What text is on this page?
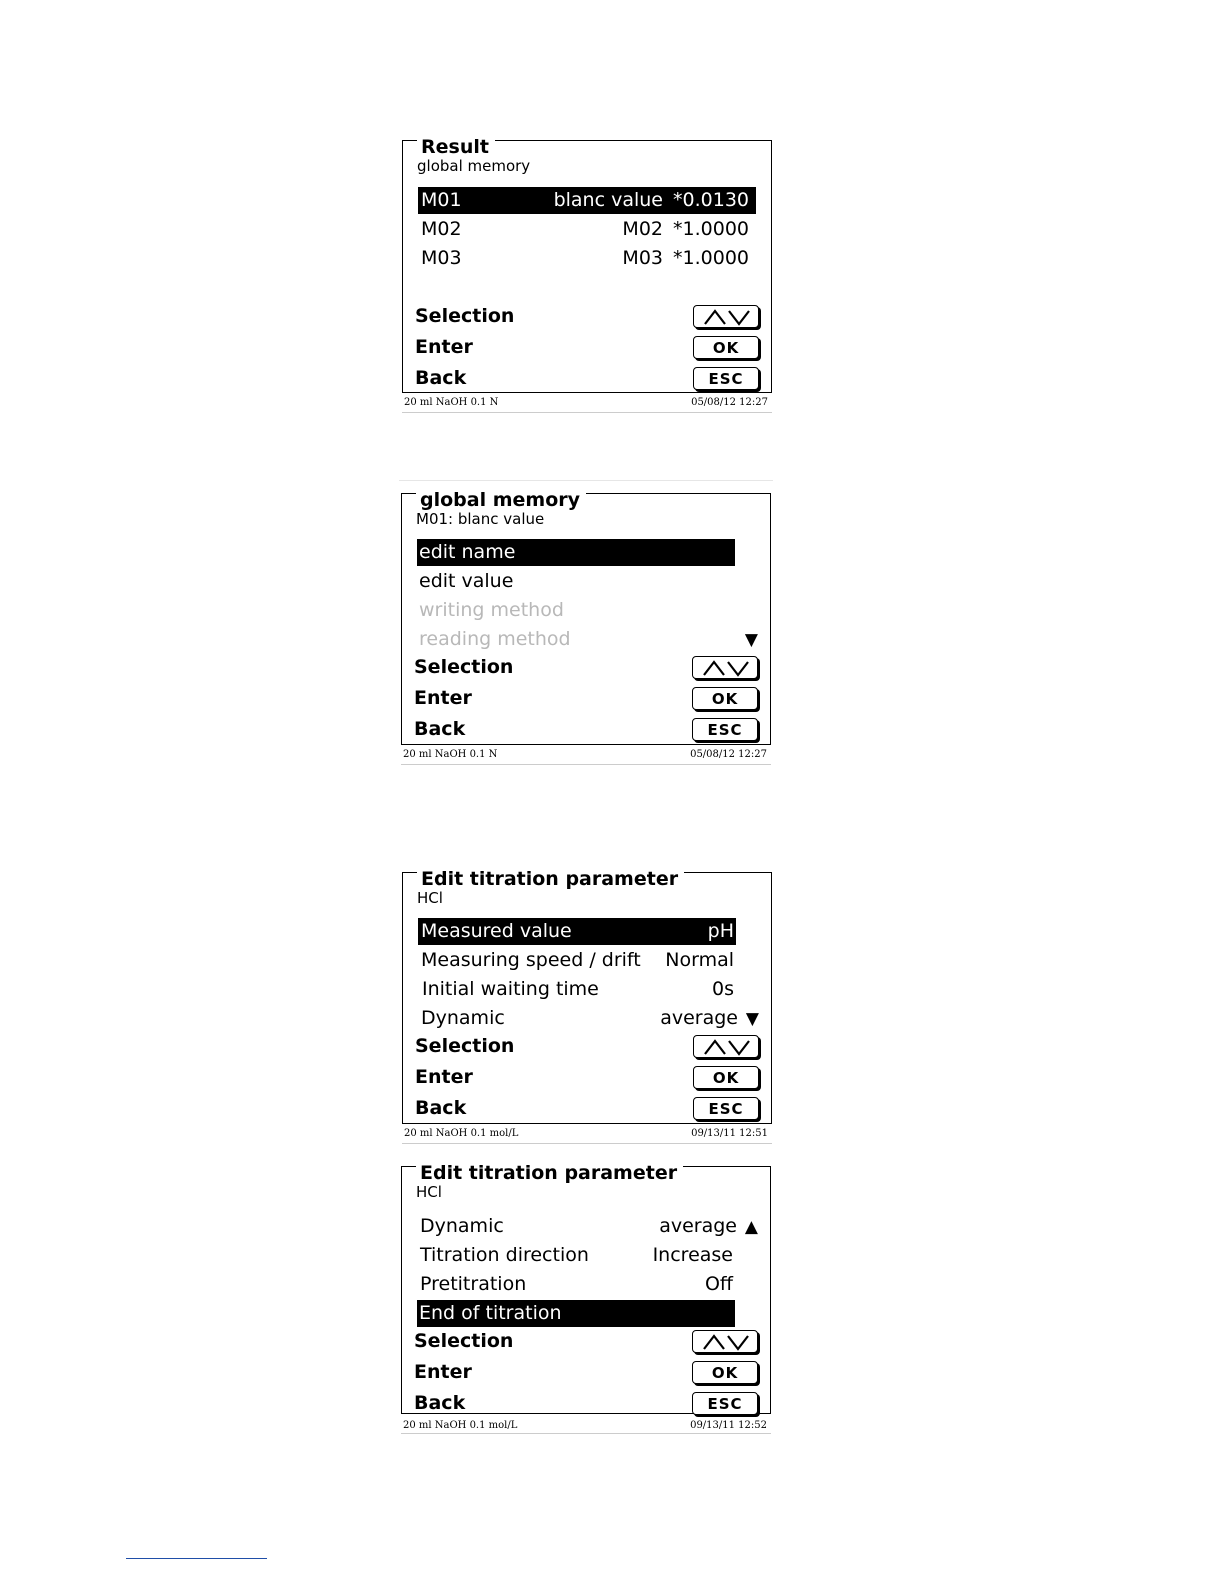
Result
global memory
M01	blanc value *0.0130
M02	M02 *1.0000
M03	M03 *1.0000
Selection
Enter	OK
Back	ESC
20 ml NaOH 0.1 N	05/08/12 12:27
global memory
M01: blanc value
edit name
edit value
writing method
reading method	▼
Selection
Enter	OK
Back	ESC
20 ml NaOH 0.1 N	05/08/12 12:27
Edit titration parameter
HCl
Measured value	pH
Measuring speed / drift Normal
Initial waiting time	0s
Dynamic	average ▼
Selection
Enter	OK
Back	ESC
20 ml NaOH 0.1 mol/L	09/13/11 12:51
Edit titration parameter
HCl
Dynamic	average ▲
Titration direction	Increase
Pretitration	Off
End of titration
Selection
Enter	OK
Back	ESC
20 ml NaOH 0.1 mol/L	09/13/11 12:52
